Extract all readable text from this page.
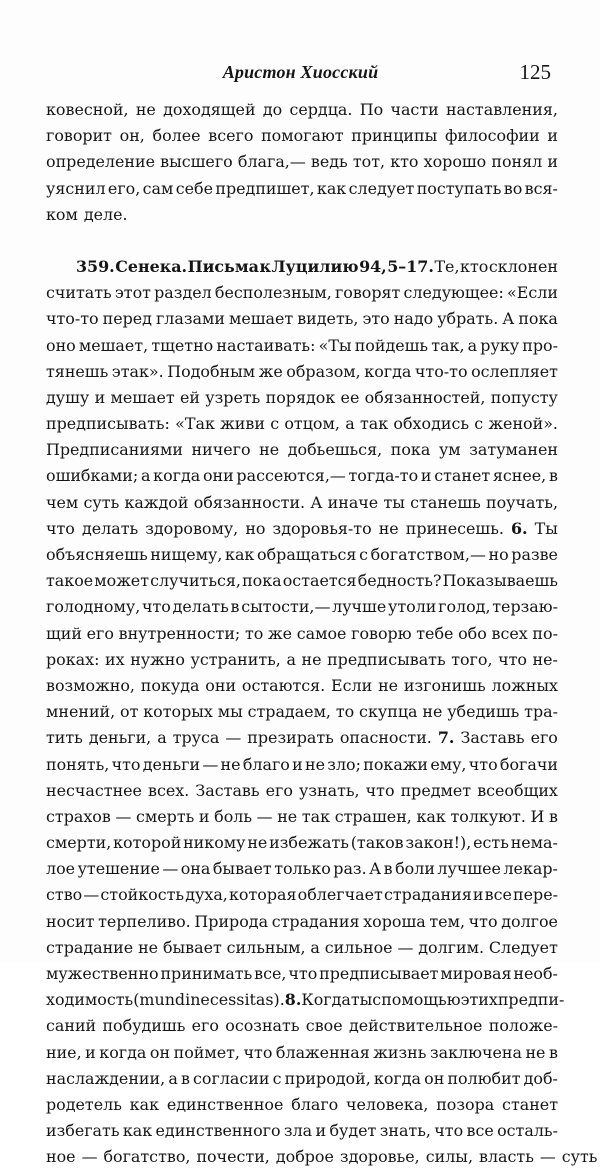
Аристон Хиосский	125
ковесной, не доходящей до сердца. По части наставления,
говорит он, более всего помогают принципы философии и
определение высшего блага,— ведь тот, кто хорошо понял и
уяснил его, сам себе предпишет, как следует поступать во вся-
ком деле.
359. Сенека. Письма к Луцилию 94, 5–17. Те, кто склонен
считать этот раздел бесполезным, говорят следующее: «Если
что-то перед глазами мешает видеть, это надо убрать. А пока
оно мешает, тщетно настаивать: «Ты пойдешь так, а руку про-
тянешь этак». Подобным же образом, когда что-то ослепляет
душу и мешает ей узреть порядок ее обязанностей, попусту
предписывать: «Так живи с отцом, а так обходись с женой».
Предписаниями ничего не добьешься, пока ум затуманен
ошибками; а когда они рассеются,— тогда-то и станет яснее, в
чем суть каждой обязанности. А иначе ты станешь поучать,
что делать здоровому, но здоровья-то не принесешь. 6. Ты
объясняешь нищему, как обращаться с богатством,— но разве
такое может случиться, пока остается бедность? Показываешь
голодному, что делать в сытости,— лучше утоли голод, терзаю-
щий его внутренности; то же самое говорю тебе обо всех по-
роках: их нужно устранить, а не предписывать того, что не-
возможно, покуда они остаются. Если не изгонишь ложных
мнений, от которых мы страдаем, то скупца не убедишь тра-
тить деньги, а труса — презирать опасности. 7. Заставь его
понять, что деньги — не благо и не зло; покажи ему, что богачи
несчастнее всех. Заставь его узнать, что предмет всеобщих
страхов — смерть и боль — не так страшен, как толкуют. И в
смерти, которой никому не избежать (таков закон!), есть немa-
лое утешение — она бывает только раз. А в боли лучшее лекар-
ство — стойкость духа, которая облегчает страдания и все пере-
носит терпеливо. Природа страдания хороша тем, что долгое
страдание не бывает сильным, а сильное — долгим. Следует
мужественно принимать все, что предписывает мировая необ-
ходимость (mundi necessitas). 8. Когда ты с помощью этих предпи-
саний побудишь его осознать свое действительное положе-
ние, и когда он поймет, что блаженная жизнь заключена не в
наслаждении, а в согласии с природой, когда он полюбит доб-
родетель как единственное благо человека, позора станет
избегать как единственного зла и будет знать, что все осталь-
ное — богатство, почести, доброе здоровье, силы, власть — суть
